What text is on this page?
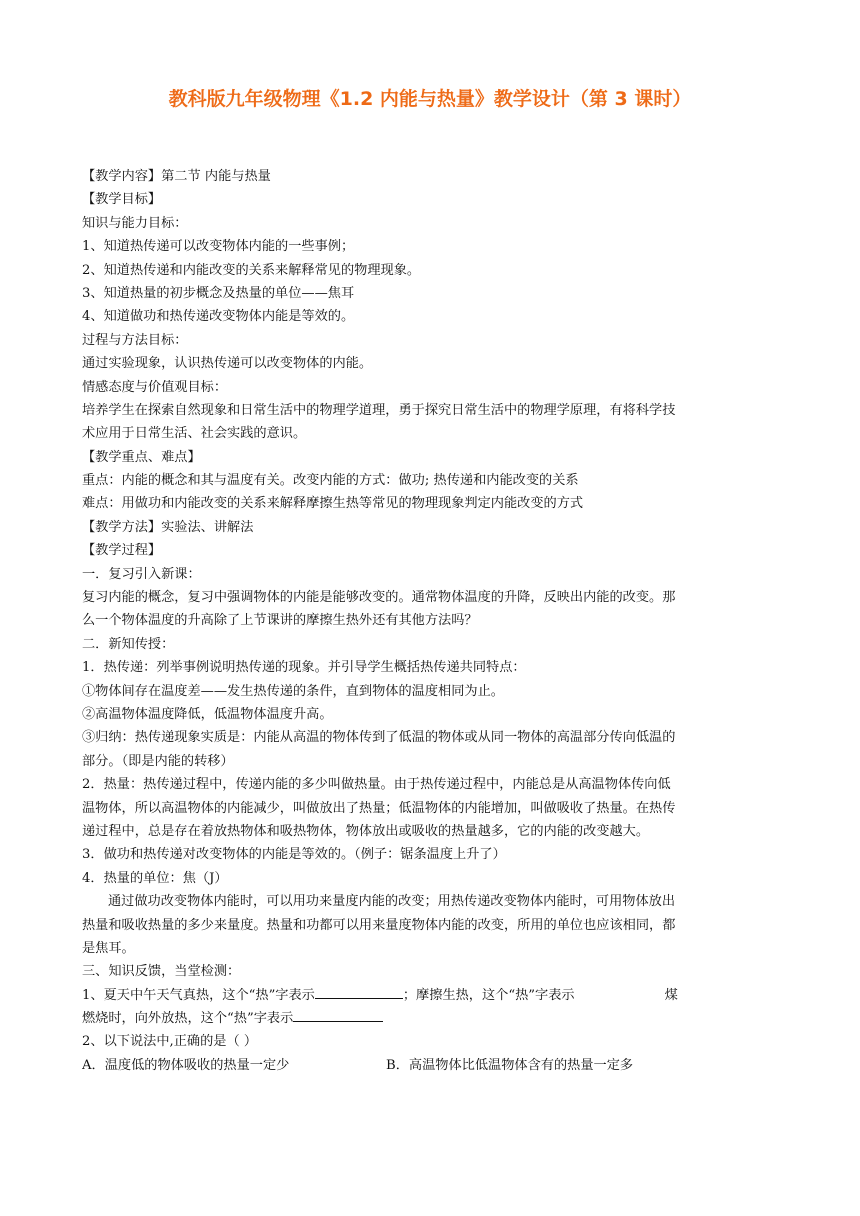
教科版九年级物理《1.2 内能与热量》教学设计（第 3 课时）
【教学内容】第二节 内能与热量
【教学目标】
知识与能力目标：
1、知道热传递可以改变物体内能的一些事例；
2、知道热传递和内能改变的关系来解释常见的物理现象。
3、知道热量的初步概念及热量的单位——焦耳
4、知道做功和热传递改变物体内能是等效的。
过程与方法目标：
通过实验现象，认识热传递可以改变物体的内能。
情感态度与价值观目标：
培养学生在探索自然现象和日常生活中的物理学道理，勇于探究日常生活中的物理学原理，有将科学技
术应用于日常生活、社会实践的意识。
【教学重点、难点】
重点：内能的概念和其与温度有关。改变内能的方式：做功; 热传递和内能改变的关系
难点：用做功和内能改变的关系来解释摩擦生热等常见的物理现象判定内能改变的方式
【教学方法】实验法、讲解法
【教学过程】
一．复习引入新课：
复习内能的概念，复习中强调物体的内能是能够改变的。通常物体温度的升降，反映出内能的改变。那
么一个物体温度的升高除了上节课讲的摩擦生热外还有其他方法吗？
二．新知传授：
1．热传递：列举事例说明热传递的现象。并引导学生概括热传递共同特点：
①物体间存在温度差——发生热传递的条件，直到物体的温度相同为止。
②高温物体温度降低，低温物体温度升高。
③归纳：热传递现象实质是：内能从高温的物体传到了低温的物体或从同一物体的高温部分传向低温的
部分。（即是内能的转移）
2．热量：热传递过程中，传递内能的多少叫做热量。由于热传递过程中，内能总是从高温物体传向低
温物体，所以高温物体的内能减少，叫做放出了热量；低温物体的内能增加，叫做吸收了热量。在热传
递过程中，总是存在着放热物体和吸热物体，物体放出或吸收的热量越多，它的内能的改变越大。
3．做功和热传递对改变物体的内能是等效的。（例子：锯条温度上升了）
4．热量的单位：焦（J）
通过做功改变物体内能时，可以用功来量度内能的改变；用热传递改变物体内能时，可用物体放出
热量和吸收热量的多少来量度。热量和功都可以用来量度物体内能的改变，所用的单位也应该相同，都
是焦耳。
三、知识反馈，当堂检测：
1、夏天中午天气真热，这个“热”字表示	；摩擦生热，这个“热”字表示	煤
燃烧时，向外放热，这个“热”字表示
2、以下说法中,正确的是（ ）
A．温度低的物体吸收的热量一定少	B．高温物体比低温物体含有的热量一定多
